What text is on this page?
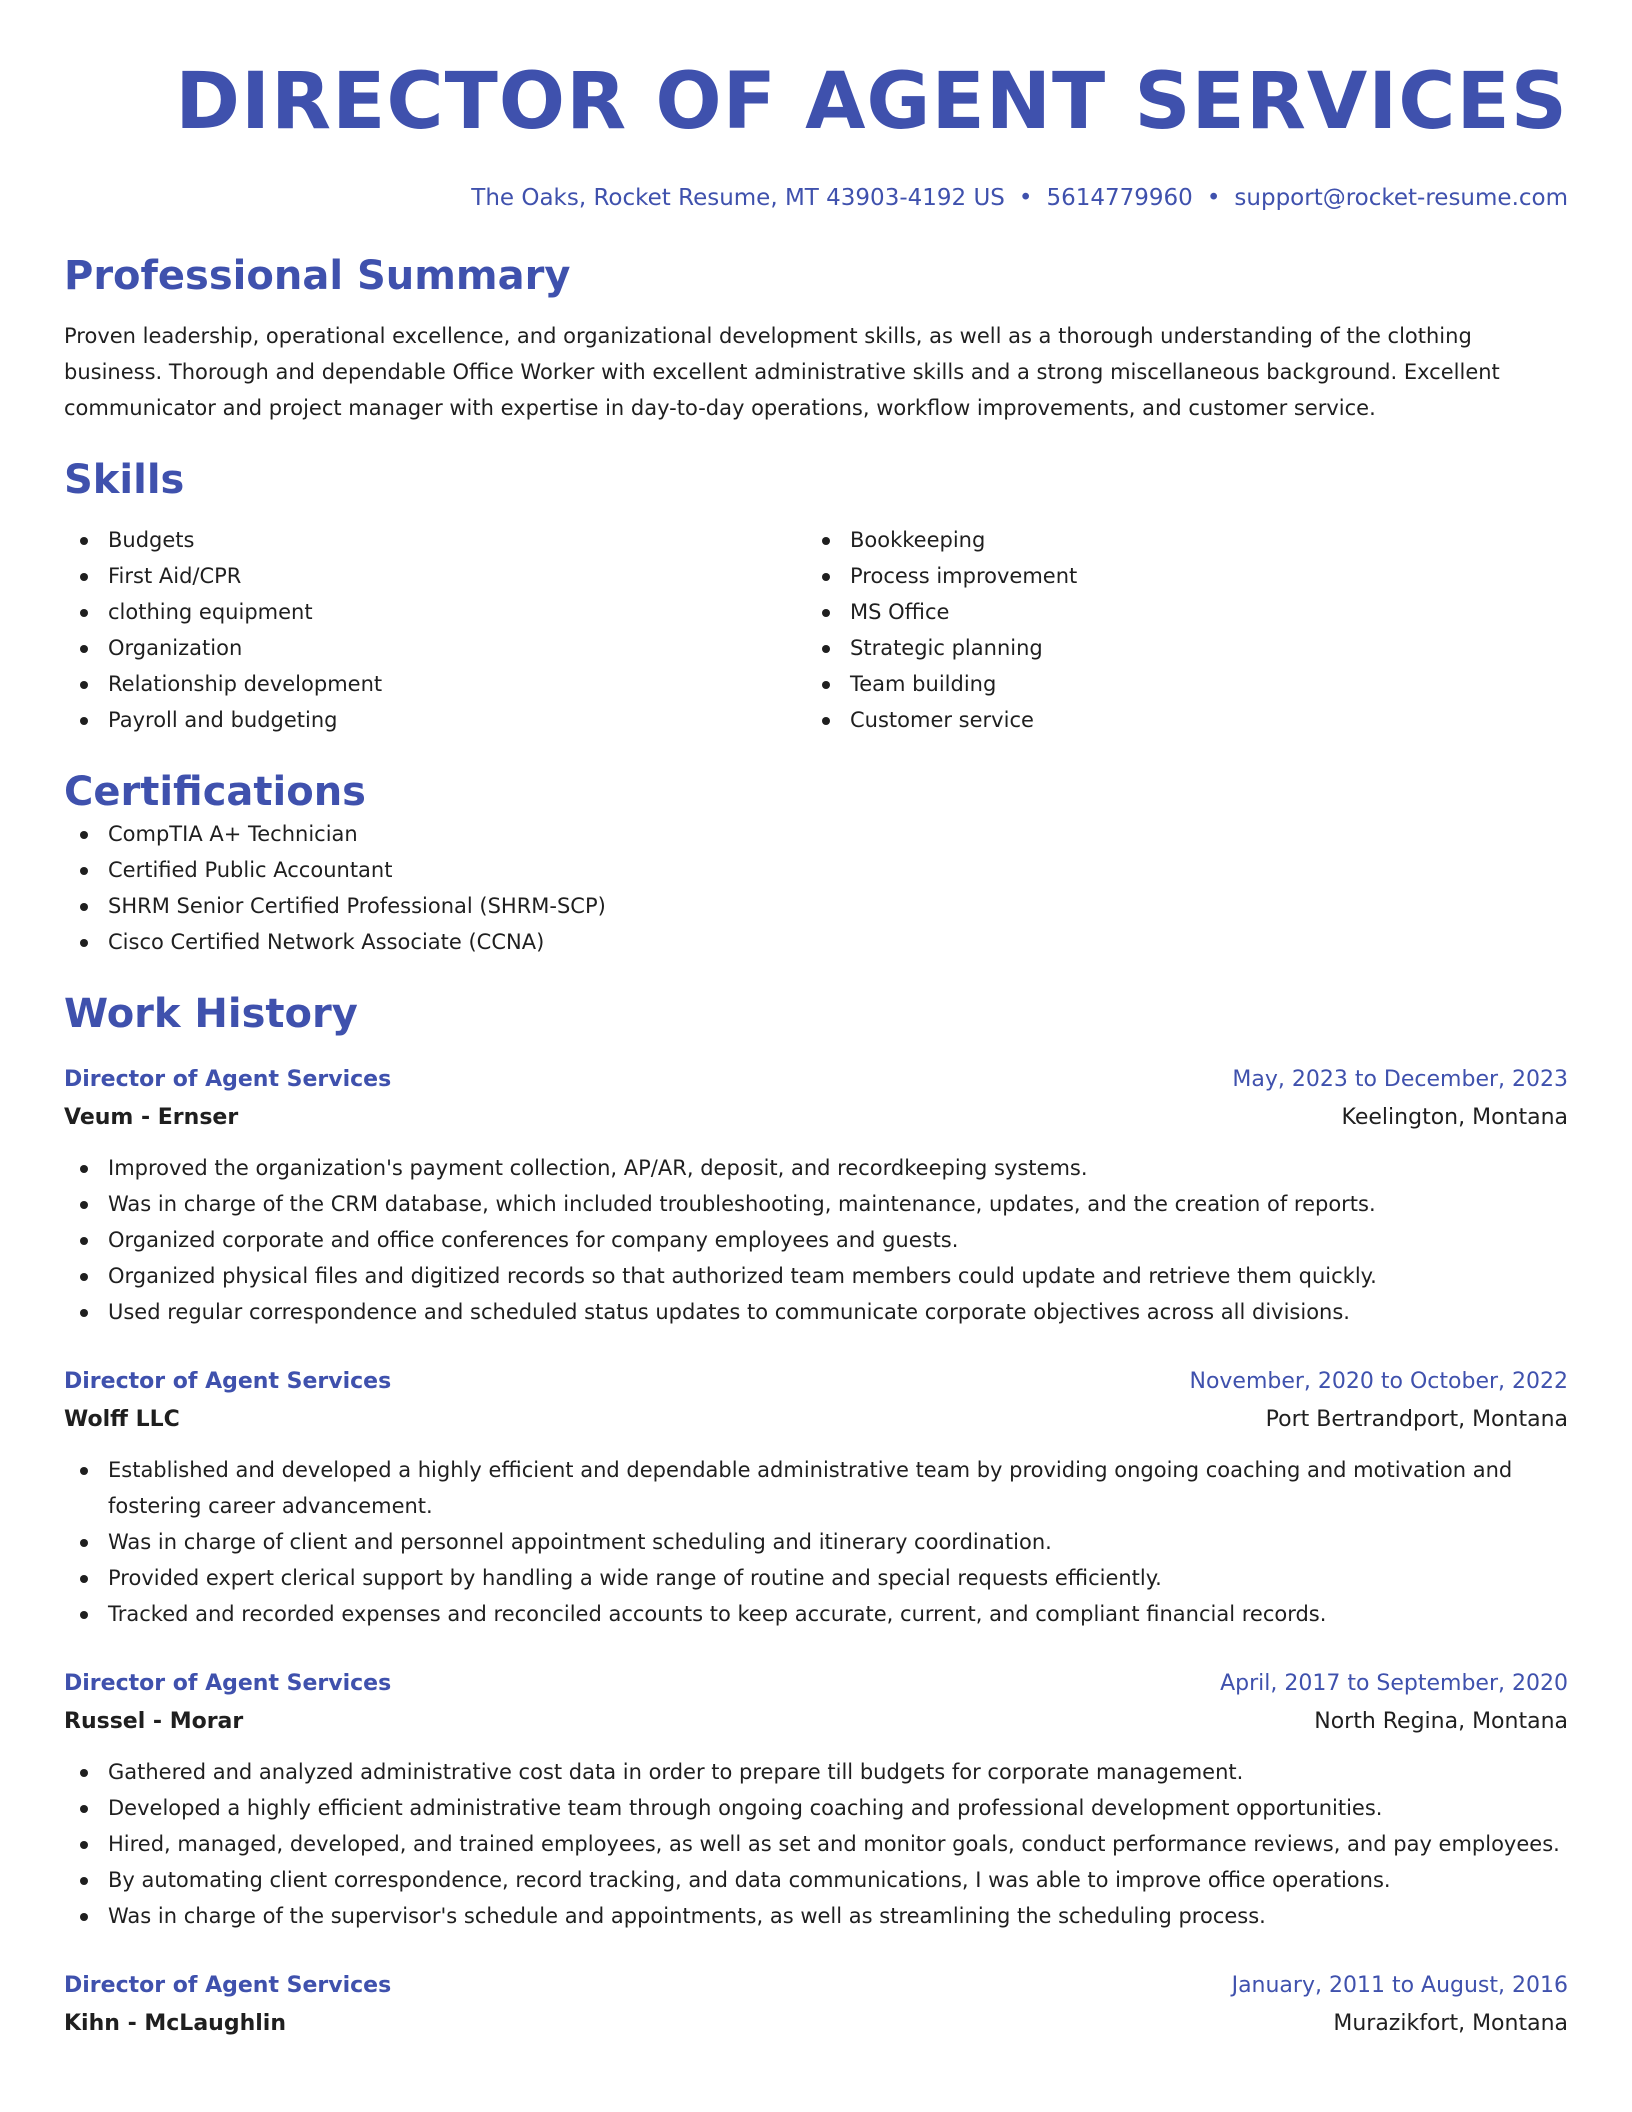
DIRECTOR OF AGENT SERVICES
The Oaks, Rocket Resume, MT 43903-4192 US • 5614779960 • support@rocket-resume.com
Professional Summary
Proven leadership, operational excellence, and organizational development skills, as well as a thorough understanding of the clothing business. Thorough and dependable Office Worker with excellent administrative skills and a strong miscellaneous background. Excellent communicator and project manager with expertise in day-to-day operations, workflow improvements, and customer service.
Skills
Budgets
First Aid/CPR
clothing equipment
Organization
Relationship development
Payroll and budgeting
Bookkeeping
Process improvement
MS Office
Strategic planning
Team building
Customer service
Certifications
CompTIA A+ Technician
Certified Public Accountant
SHRM Senior Certified Professional (SHRM-SCP)
Cisco Certified Network Associate (CCNA)
Work History
Director of Agent Services	May, 2023 to December, 2023
Veum - Ernser	Keelington, Montana
Improved the organization's payment collection, AP/AR, deposit, and recordkeeping systems.
Was in charge of the CRM database, which included troubleshooting, maintenance, updates, and the creation of reports.
Organized corporate and office conferences for company employees and guests.
Organized physical files and digitized records so that authorized team members could update and retrieve them quickly.
Used regular correspondence and scheduled status updates to communicate corporate objectives across all divisions.
Director of Agent Services	November, 2020 to October, 2022
Wolff LLC	Port Bertrandport, Montana
Established and developed a highly efficient and dependable administrative team by providing ongoing coaching and motivation and fostering career advancement.
Was in charge of client and personnel appointment scheduling and itinerary coordination.
Provided expert clerical support by handling a wide range of routine and special requests efficiently.
Tracked and recorded expenses and reconciled accounts to keep accurate, current, and compliant financial records.
Director of Agent Services	April, 2017 to September, 2020
Russel - Morar	North Regina, Montana
Gathered and analyzed administrative cost data in order to prepare till budgets for corporate management.
Developed a highly efficient administrative team through ongoing coaching and professional development opportunities.
Hired, managed, developed, and trained employees, as well as set and monitor goals, conduct performance reviews, and pay employees.
By automating client correspondence, record tracking, and data communications, I was able to improve office operations.
Was in charge of the supervisor's schedule and appointments, as well as streamlining the scheduling process.
Director of Agent Services	January, 2011 to August, 2016
Kihn - McLaughlin	Murazikfort, Montana
